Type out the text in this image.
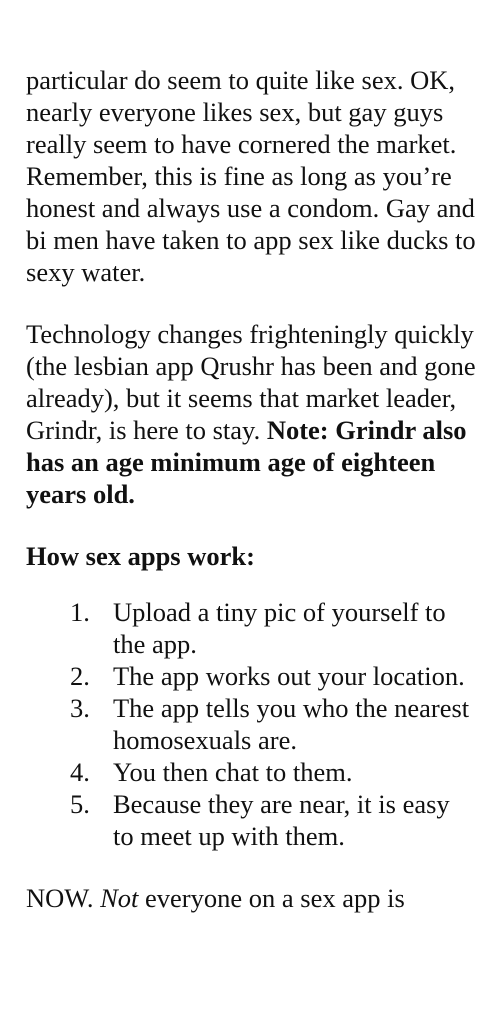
particular do seem to quite like sex. OK, nearly everyone likes sex, but gay guys really seem to have cornered the market. Remember, this is fine as long as you’re honest and always use a condom. Gay and bi men have taken to app sex like ducks to sexy water.

Technology changes frighteningly quickly (the lesbian app Qrushr has been and gone already), but it seems that market leader, Grindr, is here to stay. Note: Grindr also has an age minimum age of eighteen years old.

How sex apps work:

1. Upload a tiny pic of yourself to the app.
2. The app works out your location.
3. The app tells you who the nearest homosexuals are.
4. You then chat to them.
5. Because they are near, it is easy to meet up with them.

NOW. Not everyone on a sex app is
